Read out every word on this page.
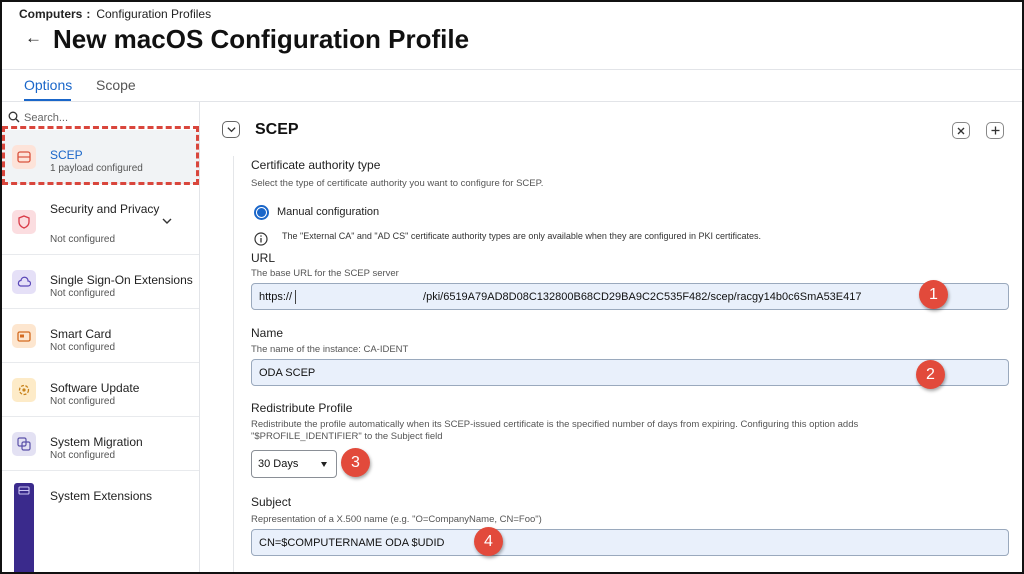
Computers : Configuration Profiles
← New macOS Configuration Profile
Options Scope
Search...
SCEP
1 payload configured
Security and Privacy
Not configured
Single Sign-On Extensions
Not configured
Smart Card
Not configured
Software Update
Not configured
System Migration
Not configured
System Extensions
SCEP
Certificate authority type
Select the type of certificate authority you want to configure for SCEP.
Manual configuration
The "External CA" and "AD CS" certificate authority types are only available when they are configured in PKI certificates.
URL
The base URL for the SCEP server
https://	/pki/6519A79AD8D08C132800B68CD29BA9C2C535F482/scep/racgy14b0c6SmA53E417
Name
The name of the instance: CA-IDENT
ODA SCEP
Redistribute Profile
Redistribute the profile automatically when its SCEP-issued certificate is the specified number of days from expiring. Configuring this option adds "$PROFILE_IDENTIFIER" to the Subject field
30 Days
Subject
Representation of a X.500 name (e.g. "O=CompanyName, CN=Foo")
CN=$COMPUTERNAME ODA $UDID
1
2
3
4
